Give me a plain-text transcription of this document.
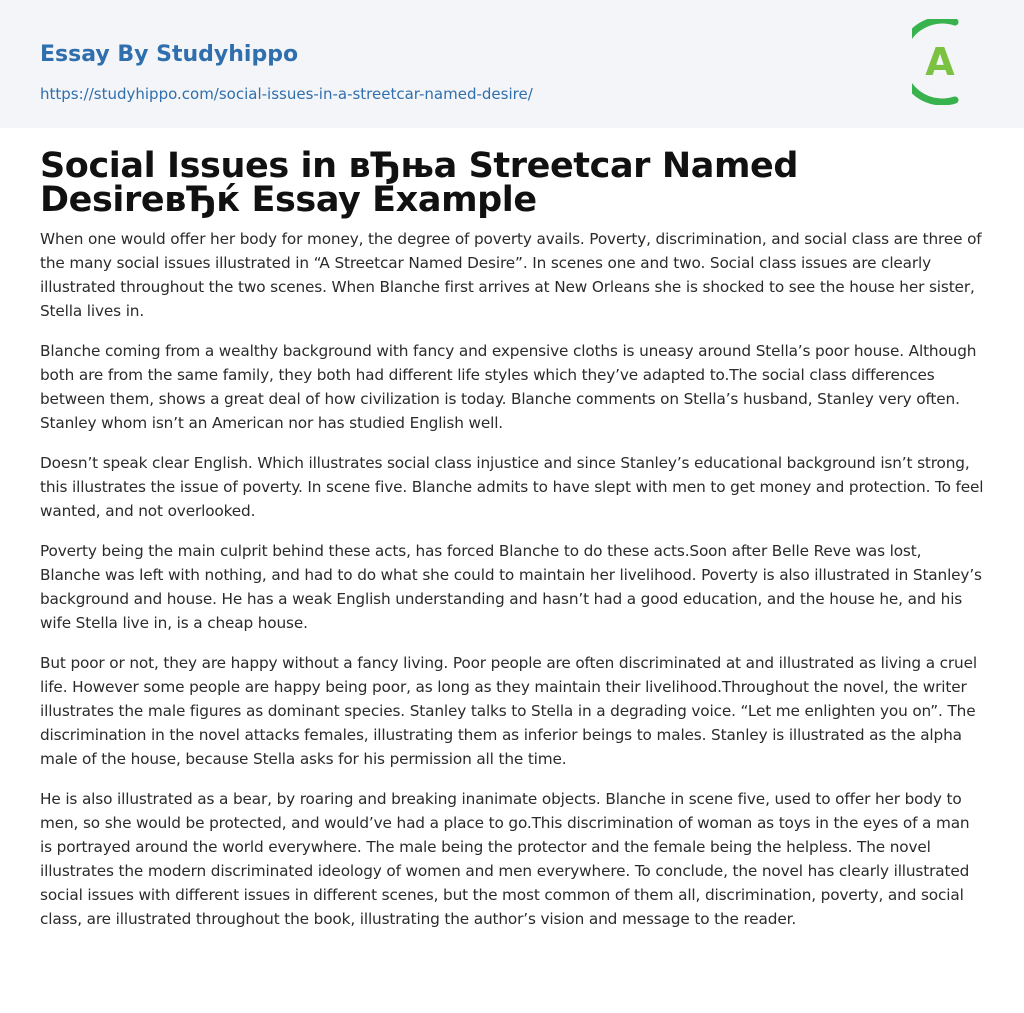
Essay By Studyhippo
https://studyhippo.com/social-issues-in-a-streetcar-named-desire/
A
Social Issues in вЂњa Streetcar Named DesireвЂќ Essay Example

When one would offer her body for money, the degree of poverty avails. Poverty, discrimination, and social class are three of the many social issues illustrated in “A Streetcar Named Desire”. In scenes one and two. Social class issues are clearly illustrated throughout the two scenes. When Blanche first arrives at New Orleans she is shocked to see the house her sister, Stella lives in.

Blanche coming from a wealthy background with fancy and expensive cloths is uneasy around Stella’s poor house. Although both are from the same family, they both had different life styles which they’ve adapted to.The social class differences between them, shows a great deal of how civilization is today. Blanche comments on Stella’s husband, Stanley very often. Stanley whom isn’t an American nor has studied English well.

Doesn’t speak clear English. Which illustrates social class injustice and since Stanley’s educational background isn’t strong, this illustrates the issue of poverty. In scene five. Blanche admits to have slept with men to get money and protection. To feel wanted, and not overlooked.

Poverty being the main culprit behind these acts, has forced Blanche to do these acts.Soon after Belle Reve was lost, Blanche was left with nothing, and had to do what she could to maintain her livelihood. Poverty is also illustrated in Stanley’s background and house. He has a weak English understanding and hasn’t had a good education, and the house he, and his wife Stella live in, is a cheap house.

But poor or not, they are happy without a fancy living. Poor people are often discriminated at and illustrated as living a cruel life. However some people are happy being poor, as long as they maintain their livelihood.Throughout the novel, the writer illustrates the male figures as dominant species. Stanley talks to Stella in a degrading voice. “Let me enlighten you on”. The discrimination in the novel attacks females, illustrating them as inferior beings to males. Stanley is illustrated as the alpha male of the house, because Stella asks for his permission all the time.

He is also illustrated as a bear, by roaring and breaking inanimate objects. Blanche in scene five, used to offer her body to men, so she would be protected, and would’ve had a place to go.This discrimination of woman as toys in the eyes of a man is portrayed around the world everywhere. The male being the protector and the female being the helpless. The novel illustrates the modern discriminated ideology of women and men everywhere. To conclude, the novel has clearly illustrated social issues with different issues in different scenes, but the most common of them all, discrimination, poverty, and social class, are illustrated throughout the book, illustrating the author’s vision and message to the reader.
